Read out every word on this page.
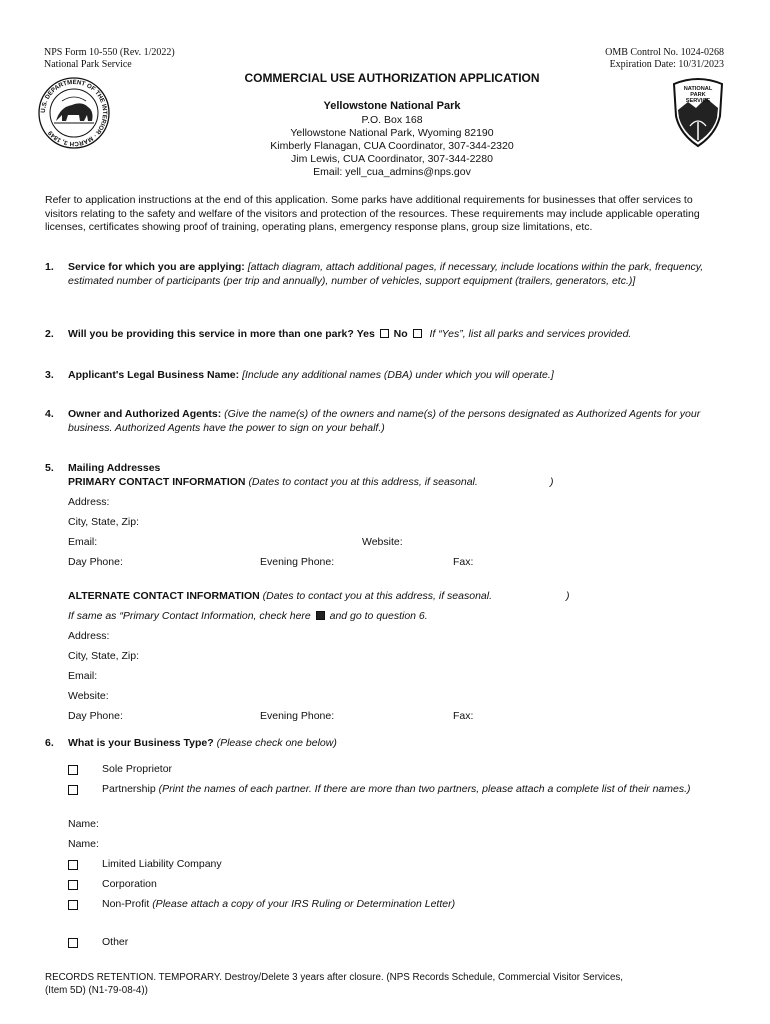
NPS Form 10-550 (Rev. 1/2022)
National Park Service
OMB Control No. 1024-0268
Expiration Date: 10/31/2023
COMMERCIAL USE AUTHORIZATION APPLICATION
U.S. DEPARTMENT OF THE INTERIOR · MARCH 3, 1849
NATIONAL
PARK
SERVICE
Yellowstone National Park
P.O. Box 168
Yellowstone National Park, Wyoming 82190
Kimberly Flanagan, CUA Coordinator, 307-344-2320
Jim Lewis, CUA Coordinator, 307-344-2280
Email: yell_cua_admins@nps.gov
Refer to application instructions at the end of this application. Some parks have additional requirements for businesses that offer services to visitors relating to the safety and welfare of the visitors and protection of the resources. These requirements may include applicable operating licenses, certificates showing proof of training, operating plans, emergency response plans, group size limitations, etc.
1. Service for which you are applying: [attach diagram, attach additional pages, if necessary, include locations within the park, frequency, estimated number of participants (per trip and annually), number of vehicles, support equipment (trailers, generators, etc.)]
2. Will you be providing this service in more than one park? Yes No If “Yes”, list all parks and services provided.
3. Applicant's Legal Business Name: [Include any additional names (DBA) under which you will operate.]
4. Owner and Authorized Agents: (Give the name(s) of the owners and name(s) of the persons designated as Authorized Agents for your business. Authorized Agents have the power to sign on your behalf.)
5. Mailing Addresses
PRIMARY CONTACT INFORMATION (Dates to contact you at this address, if seasonal.	)
Address:
City, State, Zip:
Email:	Website:
Day Phone:	Evening Phone:	Fax:
ALTERNATE CONTACT INFORMATION (Dates to contact you at this address, if seasonal.	)
If same as “Primary Contact Information, check here and go to question 6.
Address:
City, State, Zip:
Email:
Website:
Day Phone:	Evening Phone:	Fax:
6. What is your Business Type? (Please check one below)
Sole Proprietor
Partnership (Print the names of each partner. If there are more than two partners, please attach a complete list of their names.)
Name:
Name:
Limited Liability Company
Corporation
Non-Profit (Please attach a copy of your IRS Ruling or Determination Letter)
Other
RECORDS RETENTION. TEMPORARY. Destroy/Delete 3 years after closure. (NPS Records Schedule, Commercial Visitor Services,
(Item 5D) (N1-79-08-4))
